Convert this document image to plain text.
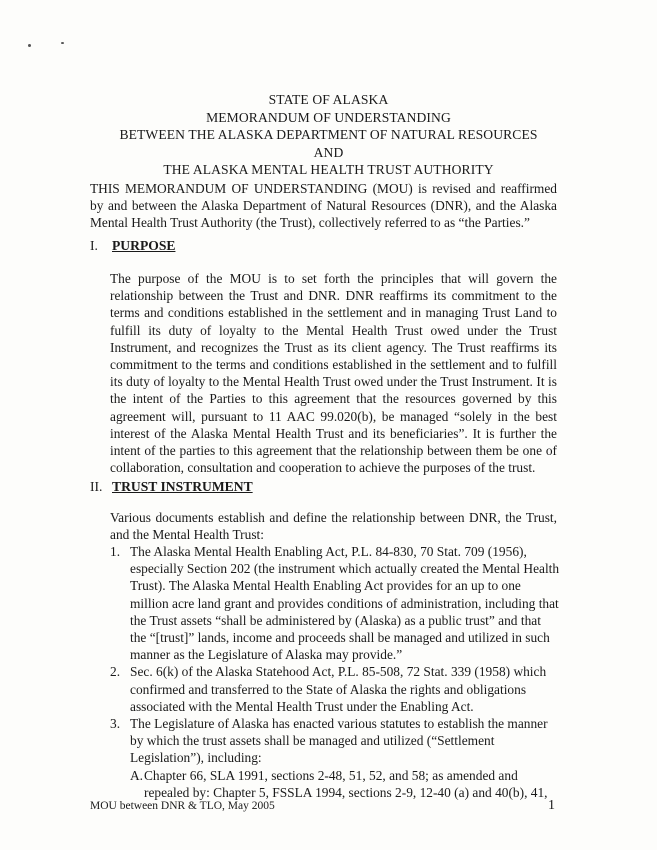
STATE OF ALASKA
MEMORANDUM OF UNDERSTANDING
BETWEEN THE ALASKA DEPARTMENT OF NATURAL RESOURCES
AND
THE ALASKA MENTAL HEALTH TRUST AUTHORITY
THIS MEMORANDUM OF UNDERSTANDING (MOU) is revised and reaffirmed by and between the Alaska Department of Natural Resources (DNR), and the Alaska Mental Health Trust Authority (the Trust), collectively referred to as “the Parties.”
I. PURPOSE
The purpose of the MOU is to set forth the principles that will govern the relationship between the Trust and DNR. DNR reaffirms its commitment to the terms and conditions established in the settlement and in managing Trust Land to fulfill its duty of loyalty to the Mental Health Trust owed under the Trust Instrument, and recognizes the Trust as its client agency. The Trust reaffirms its commitment to the terms and conditions established in the settlement and to fulfill its duty of loyalty to the Mental Health Trust owed under the Trust Instrument. It is the intent of the Parties to this agreement that the resources governed by this agreement will, pursuant to 11 AAC 99.020(b), be managed “solely in the best interest of the Alaska Mental Health Trust and its beneficiaries”. It is further the intent of the parties to this agreement that the relationship between them be one of collaboration, consultation and cooperation to achieve the purposes of the trust.
II. TRUST INSTRUMENT
Various documents establish and define the relationship between DNR, the Trust, and the Mental Health Trust:
1. The Alaska Mental Health Enabling Act, P.L. 84-830, 70 Stat. 709 (1956), especially Section 202 (the instrument which actually created the Mental Health Trust). The Alaska Mental Health Enabling Act provides for an up to one million acre land grant and provides conditions of administration, including that the Trust assets “shall be administered by (Alaska) as a public trust” and that the “[trust]” lands, income and proceeds shall be managed and utilized in such manner as the Legislature of Alaska may provide.”
2. Sec. 6(k) of the Alaska Statehood Act, P.L. 85-508, 72 Stat. 339 (1958) which confirmed and transferred to the State of Alaska the rights and obligations associated with the Mental Health Trust under the Enabling Act.
3. The Legislature of Alaska has enacted various statutes to establish the manner by which the trust assets shall be managed and utilized (“Settlement Legislation”), including:
A. Chapter 66, SLA 1991, sections 2-48, 51, 52, and 58; as amended and repealed by: Chapter 5, FSSLA 1994, sections 2-9, 12-40 (a) and 40(b), 41,
MOU between DNR & TLO, May 2005	1
